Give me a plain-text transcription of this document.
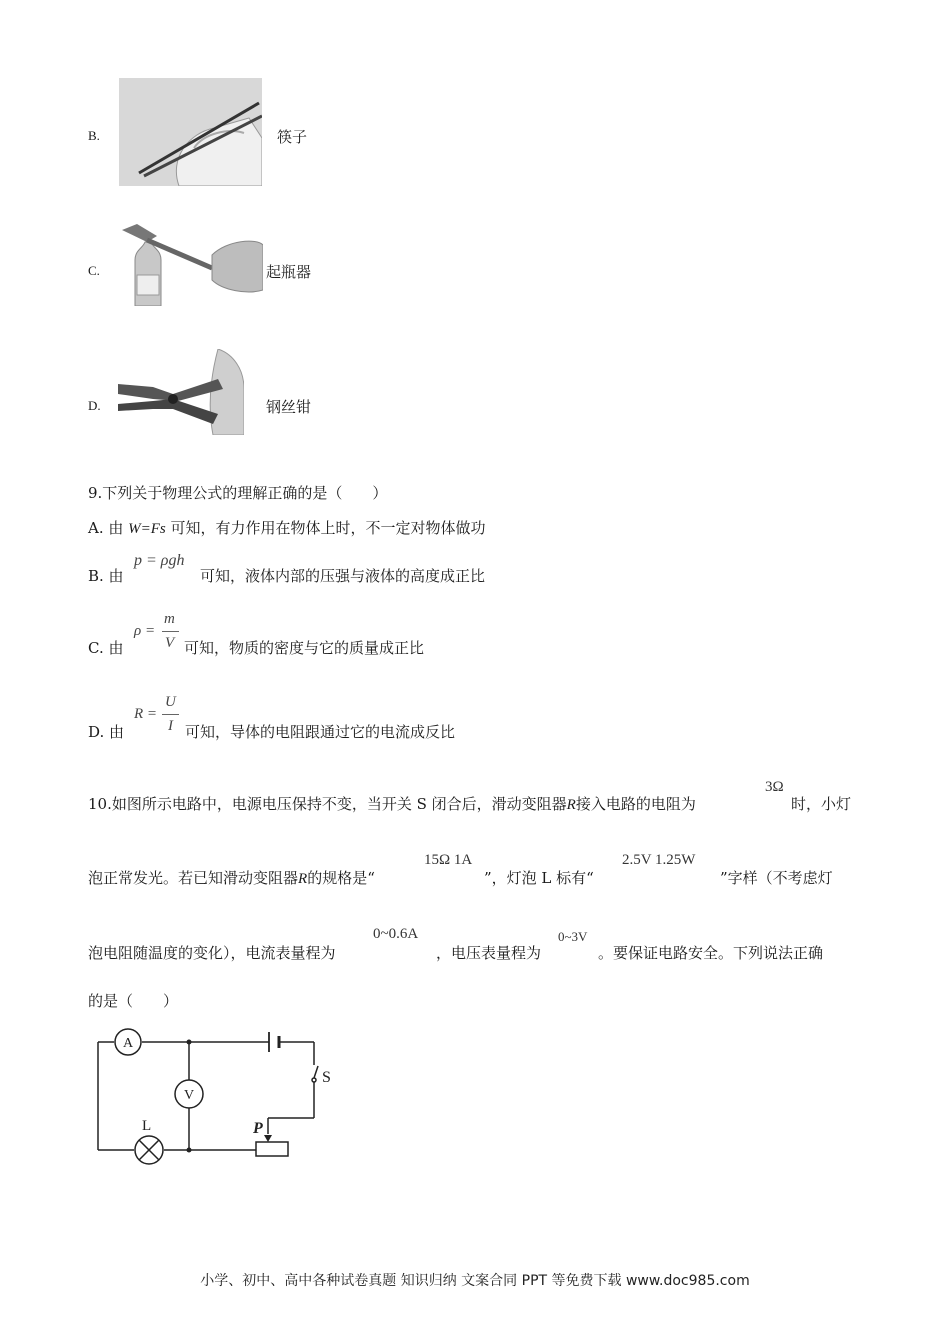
B.	筷子
C.	起瓶器
D.	钢丝钳
9.下列关于物理公式的理解正确的是（　　）
A. 由 W=Fs 可知，有力作用在物体上时，不一定对物体做功
B. 由
p = ρgh
可知，液体内部的压强与液体的高度成正比
C. 由
ρ =
m
V 可知，物质的密度与它的质量成正比
D. 由
R =
U
I 可知，导体的电阻跟通过它的电流成反比
10.如图所示电路中，电源电压保持不变，当开关 S 闭合后，滑动变阻器R接入电路的电阻为
3Ω
时，小灯
泡正常发光。若已知滑动变阻器R的规格是“
15Ω 1A
”，灯泡 L 标有“
2.5V 1.25W
”字样（不考虑灯
泡电阻随温度的变化），电流表量程为
0~0.6A
，电压表量程为
0~3V
。要保证电路安全。下列说法正确
的是（　　）
A
V
L
S
P
小学、初中、高中各种试卷真题 知识归纳 文案合同 PPT 等免费下载 www.doc985.com
